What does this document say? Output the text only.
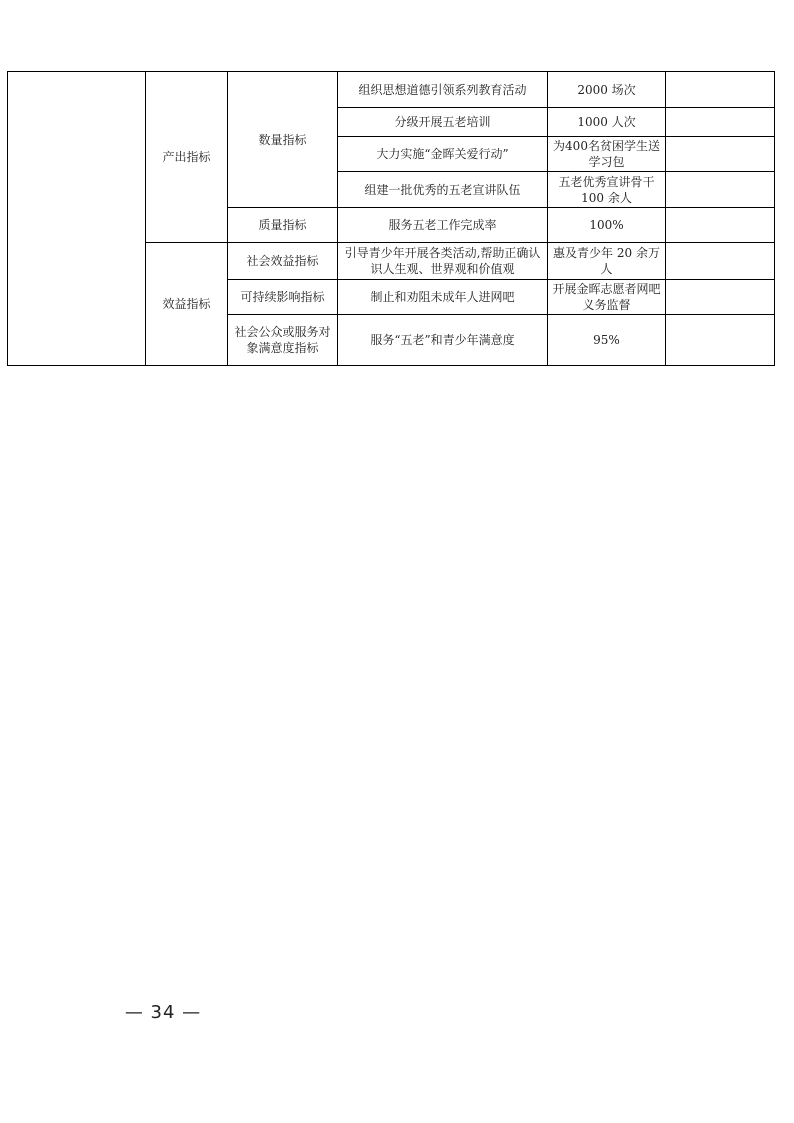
	产出指标	数量指标	组织思想道德引领系列教育活动	2000 场次	
			分级开展五老培训	1000 人次	
			大力实施“金晖关爱行动”	为400名贫困学生送学习包	
			组建一批优秀的五老宣讲队伍	五老优秀宣讲骨干 100 余人	
		质量指标	服务五老工作完成率	100%	
	效益指标	社会效益指标	引导青少年开展各类活动,帮助正确认识人生观、世界观和价值观	惠及青少年 20 余万人	
		可持续影响指标	制止和劝阻未成年人进网吧	开展金晖志愿者网吧义务监督	
		社会公众或服务对象满意度指标	服务“五老”和青少年满意度	95%	
— 34 —
